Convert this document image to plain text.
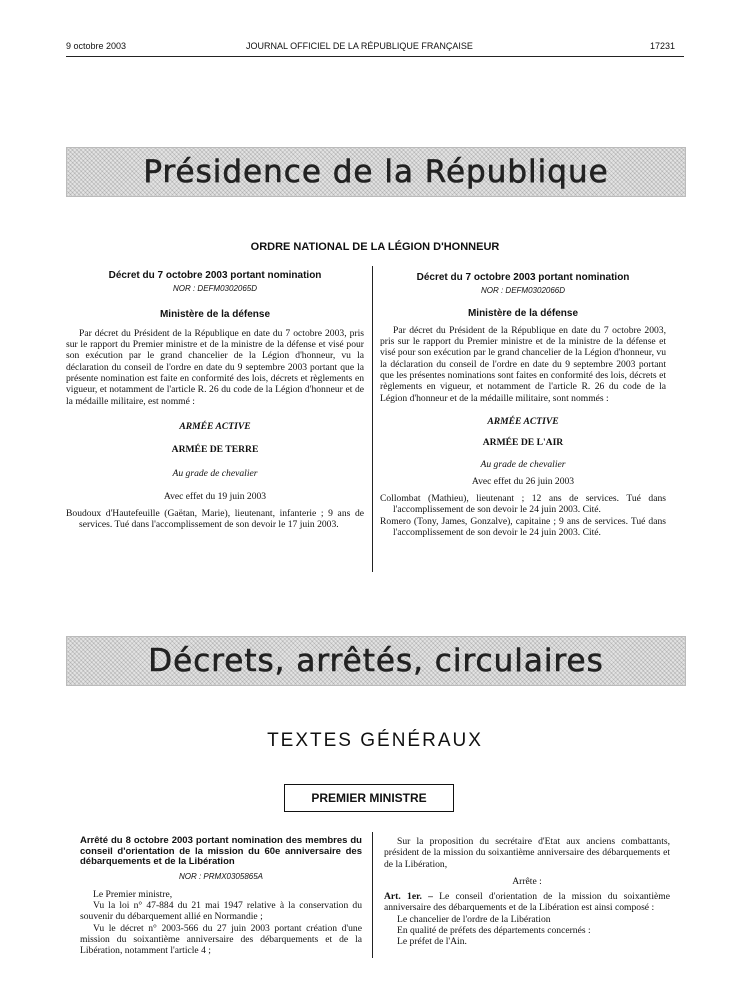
9 octobre 2003	JOURNAL OFFICIEL DE LA RÉPUBLIQUE FRANÇAISE	17231
Présidence de la République
ORDRE NATIONAL DE LA LÉGION D'HONNEUR
Décret du 7 octobre 2003 portant nomination
NOR : DEFM0302065D
Ministère de la défense

Par décret du Président de la République en date du 7 octobre 2003, pris sur le rapport du Premier ministre et de la ministre de la défense et visé pour son exécution par le grand chancelier de la Légion d'honneur, vu la déclaration du conseil de l'ordre en date du 9 septembre 2003 portant que la présente nomination est faite en conformité des lois, décrets et règlements en vigueur, et notamment de l'article R. 26 du code de la Légion d'honneur et de la médaille militaire, est nommé :

ARMÉE ACTIVE
ARMÉE DE TERRE
Au grade de chevalier
Avec effet du 19 juin 2003

Boudoux d'Hautefeuille (Gaëtan, Marie), lieutenant, infanterie ; 9 ans de services. Tué dans l'accomplissement de son devoir le 17 juin 2003.

Décret du 7 octobre 2003 portant nomination
NOR : DEFM0302066D
Ministère de la défense

Par décret du Président de la République en date du 7 octobre 2003, pris sur le rapport du Premier ministre et de la ministre de la défense et visé pour son exécution par le grand chancelier de la Légion d'honneur, vu la déclaration du conseil de l'ordre en date du 9 septembre 2003 portant que les présentes nominations sont faites en conformité des lois, décrets et règlements en vigueur, et notamment de l'article R. 26 du code de la Légion d'honneur et de la médaille militaire, sont nommés :

ARMÉE ACTIVE
ARMÉE DE L'AIR
Au grade de chevalier
Avec effet du 26 juin 2003

Collombat (Mathieu), lieutenant ; 12 ans de services. Tué dans l'accomplissement de son devoir le 24 juin 2003. Cité.

Romero (Tony, James, Gonzalve), capitaine ; 9 ans de services. Tué dans l'accomplissement de son devoir le 24 juin 2003. Cité.

Décrets, arrêtés, circulaires
TEXTES GÉNÉRAUX
PREMIER MINISTRE
Arrêté du 8 octobre 2003 portant nomination des membres du conseil d'orientation de la mission du 60e anniversaire des débarquements et de la Libération
NOR : PRMX0305865A

Le Premier ministre,

Vu la loi n° 47-884 du 21 mai 1947 relative à la conservation du souvenir du débarquement allié en Normandie ;

Vu le décret n° 2003-566 du 27 juin 2003 portant création d'une mission du soixantième anniversaire des débarquements et de la Libération, notamment l'article 4 ;

Sur la proposition du secrétaire d'Etat aux anciens combattants, président de la mission du soixantième anniversaire des débarquements et de la Libération,

Arrête :

Art. 1er. – Le conseil d'orientation de la mission du soixantième anniversaire des débarquements et de la Libération est ainsi composé :

Le chancelier de l'ordre de la Libération

En qualité de préfets des départements concernés :

Le préfet de l'Ain.
